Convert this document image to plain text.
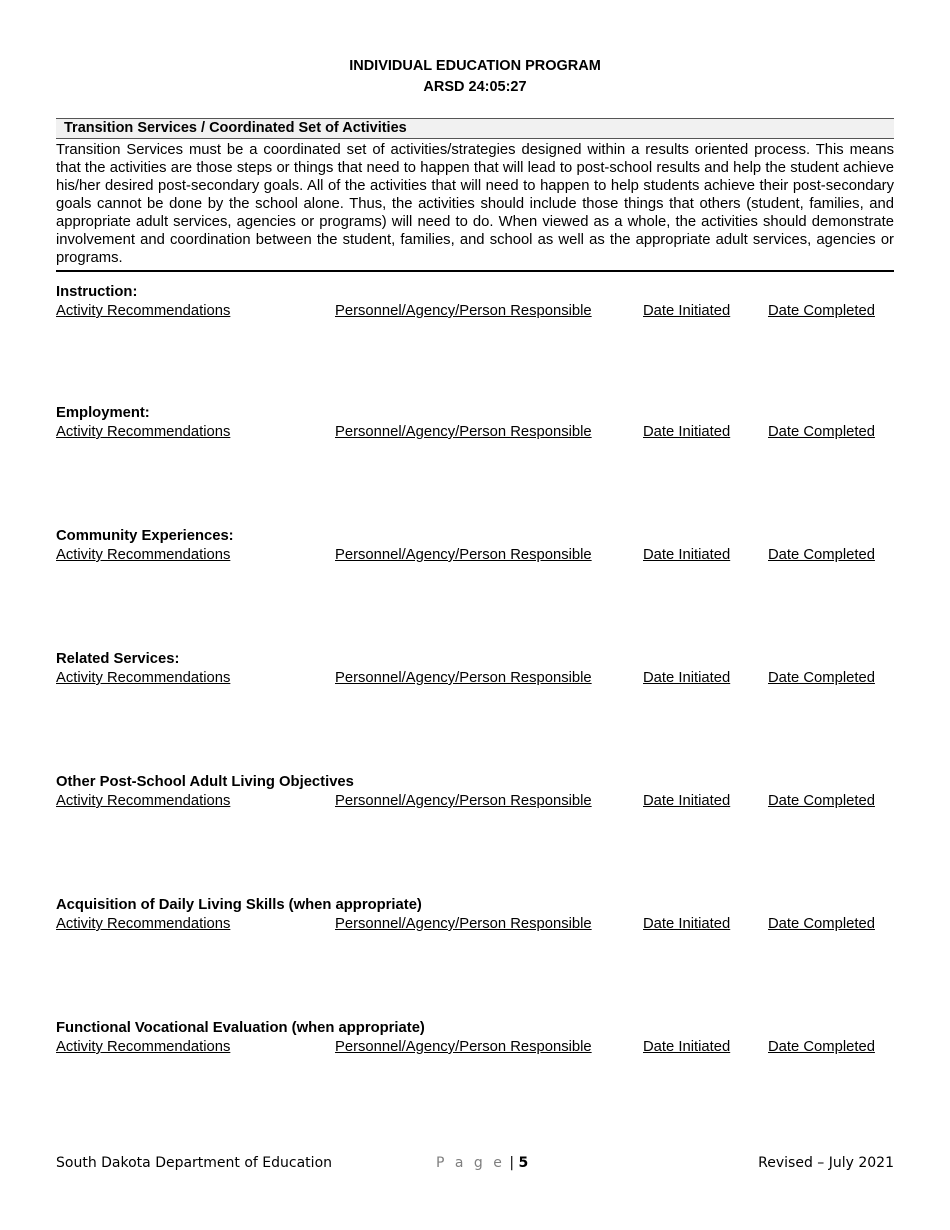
INDIVIDUAL EDUCATION PROGRAM
ARSD 24:05:27
Transition Services / Coordinated Set of Activities

Transition Services must be a coordinated set of activities/strategies designed within a results oriented process. This means that the activities are those steps or things that need to happen that will lead to post-school results and help the student achieve his/her desired post-secondary goals. All of the activities that will need to happen to help students achieve their post-secondary goals cannot be done by the school alone. Thus, the activities should include those things that others (student, families, and appropriate adult services, agencies or programs) will need to do. When viewed as a whole, the activities should demonstrate involvement and coordination between the student, families, and school as well as the appropriate adult services, agencies or programs.

Instruction:
Activity Recommendations	Personnel/Agency/Person Responsible	Date Initiated	Date Completed
Employment:
Activity Recommendations	Personnel/Agency/Person Responsible	Date Initiated	Date Completed
Community Experiences:
Activity Recommendations	Personnel/Agency/Person Responsible	Date Initiated	Date Completed
Related Services:
Activity Recommendations	Personnel/Agency/Person Responsible	Date Initiated	Date Completed
Other Post-School Adult Living Objectives
Activity Recommendations	Personnel/Agency/Person Responsible	Date Initiated	Date Completed
Acquisition of Daily Living Skills (when appropriate)
Activity Recommendations	Personnel/Agency/Person Responsible	Date Initiated	Date Completed
Functional Vocational Evaluation (when appropriate)
Activity Recommendations	Personnel/Agency/Person Responsible	Date Initiated	Date Completed
South Dakota Department of Education	P a g e | 5	Revised – July 2021
